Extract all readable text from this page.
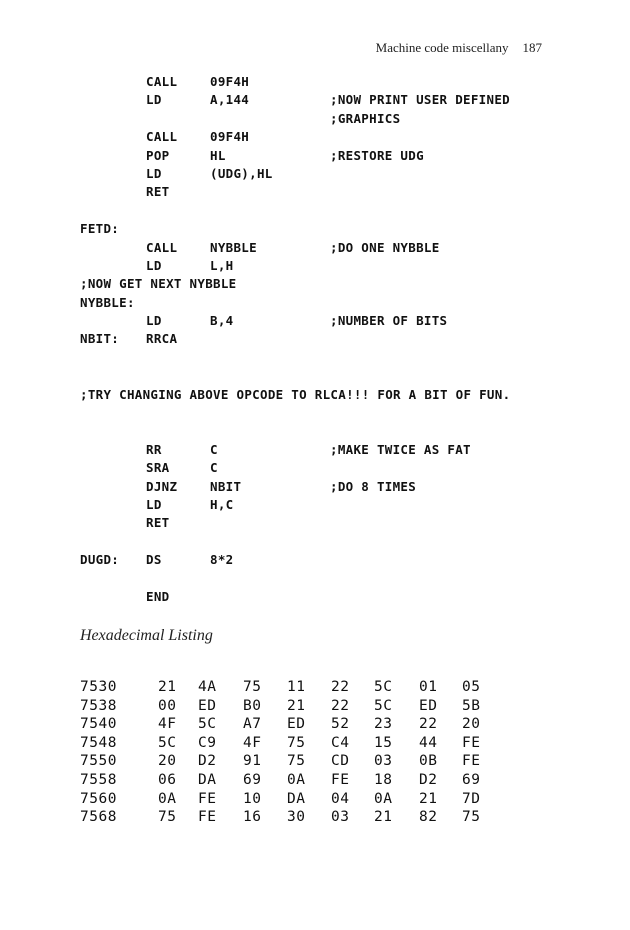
Machine code miscellany 187
CALL	09F4H
LD	A,144	;NOW PRINT USER DEFINED
;GRAPHICS
CALL	09F4H
POP	HL	;RESTORE UDG
LD	(UDG),HL
RET
FETD:
CALL	NYBBLE	;DO ONE NYBBLE
LD	L,H
;NOW GET NEXT NYBBLE
NYBBLE:
LD	B,4	;NUMBER OF BITS
NBIT: RRCA
;TRY CHANGING ABOVE OPCODE TO RLCA!!! FOR A BIT OF FUN.
RR	C	;MAKE TWICE AS FAT
SRA	C
DJNZ	NBIT	;DO 8 TIMES
LD	H,C
RET
DUGD: DS	8*2
END
Hexadecimal Listing
7530	21 4A 75 11 22 5C 01 05
7538	00 ED B0 21 22 5C ED 5B
7540	4F 5C A7 ED 52 23 22 20
7548	5C C9 4F 75 C4 15 44 FE
7550	20 D2 91 75 CD 03 0B FE
7558	06 DA 69 0A FE 18 D2 69
7560	0A FE 10 DA 04 0A 21 7D
7568	75 FE 16 30 03 21 82 75
